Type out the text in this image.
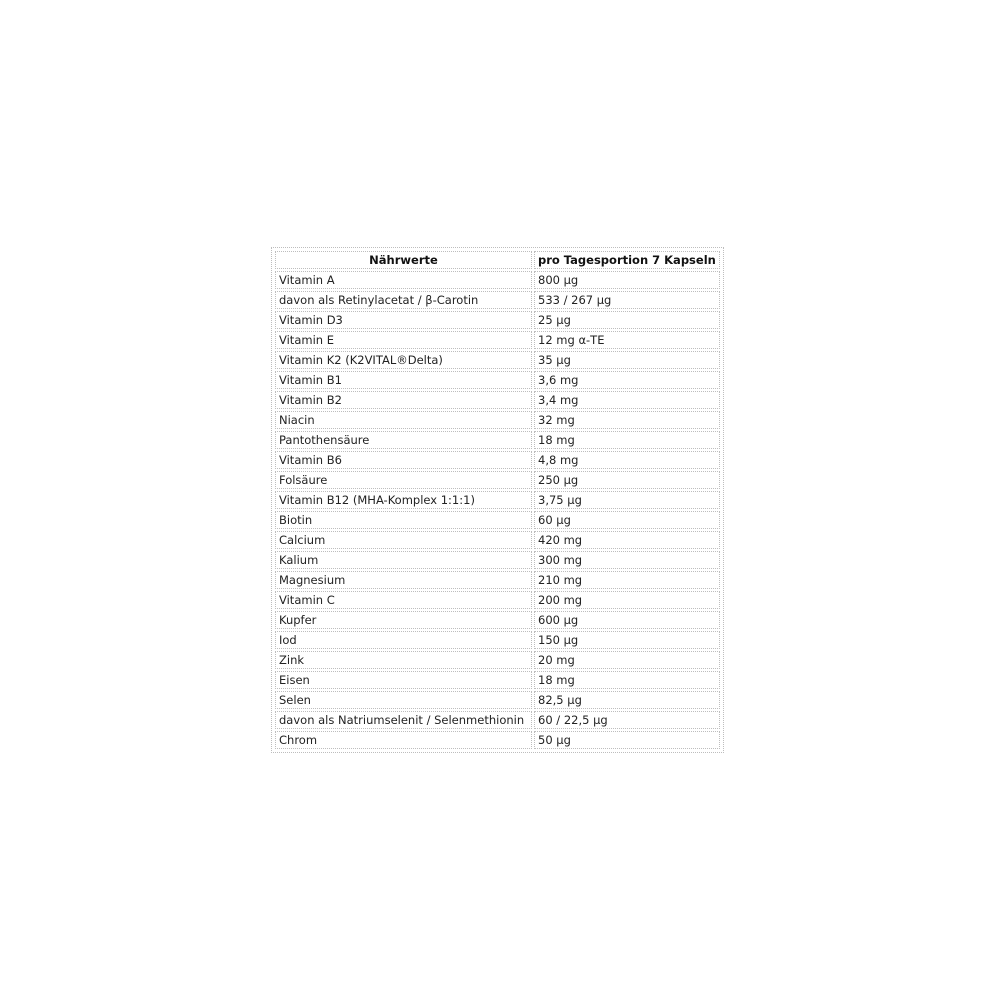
Nährwerte	pro Tagesportion 7 Kapseln
Vitamin A	800 µg
davon als Retinylacetat / β-Carotin	533 / 267 µg
Vitamin D3	25 µg
Vitamin E	12 mg α-TE
Vitamin K2 (K2VITAL®Delta)	35 µg
Vitamin B1	3,6 mg
Vitamin B2	3,4 mg
Niacin	32 mg
Pantothensäure	18 mg
Vitamin B6	4,8 mg
Folsäure	250 µg
Vitamin B12 (MHA-Komplex 1:1:1)	3,75 µg
Biotin	60 µg
Calcium	420 mg
Kalium	300 mg
Magnesium	210 mg
Vitamin C	200 mg
Kupfer	600 µg
Iod	150 µg
Zink	20 mg
Eisen	18 mg
Selen	82,5 µg
davon als Natriumselenit / Selenmethionin	60 / 22,5 µg
Chrom	50 µg
